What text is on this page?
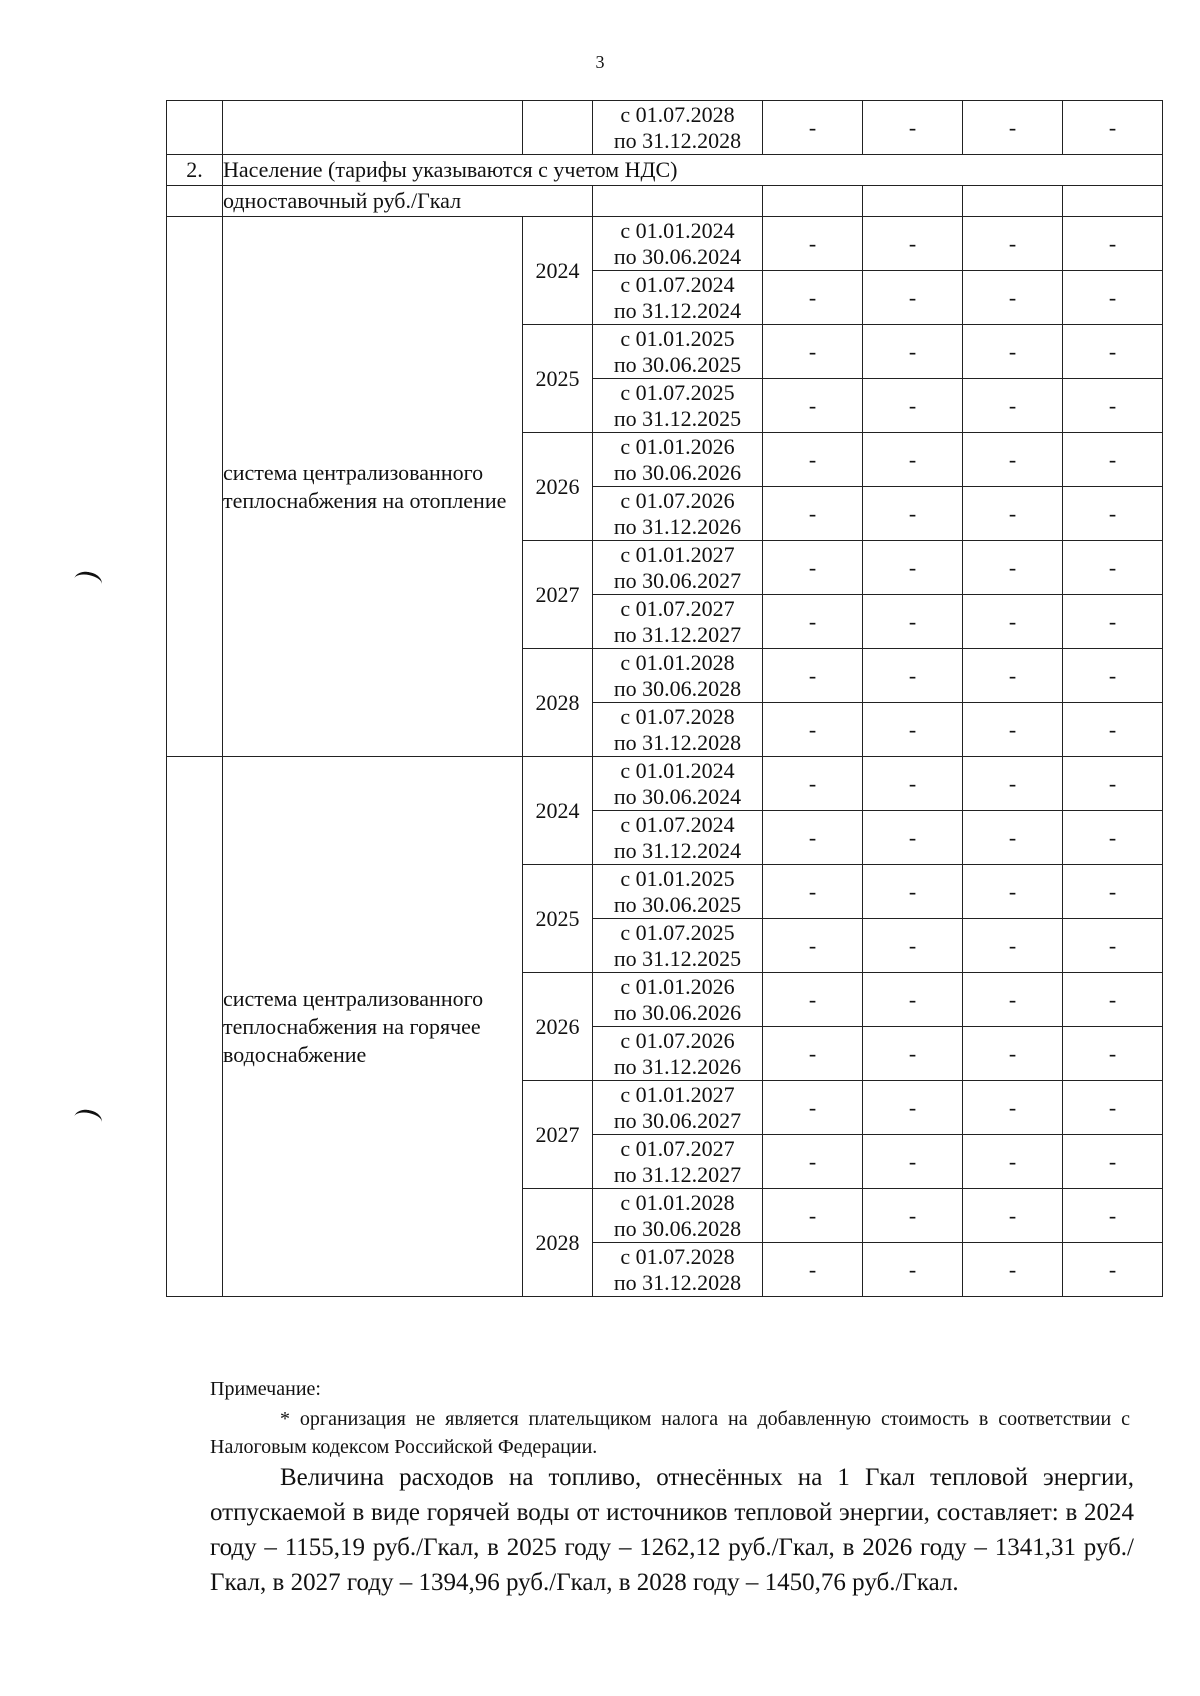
3
			с 01.07.2028
по 31.12.2028	-	-	-	-
2.	Население (тарифы указываются с учетом НДС)						
	одноставочный руб./Гкал						
	система централизованного теплоснабжения на отопление	2024	с 01.01.2024
по 30.06.2024	-	-	-	-
			с 01.07.2024
по 31.12.2024	-	-	-	-
		2025	с 01.01.2025
по 30.06.2025	-	-	-	-
			с 01.07.2025
по 31.12.2025	-	-	-	-
		2026	с 01.01.2026
по 30.06.2026	-	-	-	-
			с 01.07.2026
по 31.12.2026	-	-	-	-
		2027	с 01.01.2027
по 30.06.2027	-	-	-	-
			с 01.07.2027
по 31.12.2027	-	-	-	-
		2028	с 01.01.2028
по 30.06.2028	-	-	-	-
			с 01.07.2028
по 31.12.2028	-	-	-	-
	система централизованного теплоснабжения на горячее водоснабжение	2024	с 01.01.2024
по 30.06.2024	-	-	-	-
			с 01.07.2024
по 31.12.2024	-	-	-	-
		2025	с 01.01.2025
по 30.06.2025	-	-	-	-
			с 01.07.2025
по 31.12.2025	-	-	-	-
		2026	с 01.01.2026
по 30.06.2026	-	-	-	-
			с 01.07.2026
по 31.12.2026	-	-	-	-
		2027	с 01.01.2027
по 30.06.2027	-	-	-	-
			с 01.07.2027
по 31.12.2027	-	-	-	-
		2028	с 01.01.2028
по 30.06.2028	-	-	-	-
			с 01.07.2028
по 31.12.2028	-	-	-	-
Примечание:
* организация не является плательщиком налога на добавленную стоимость в соответствии с Налоговым кодексом Российской Федерации.
Величина расходов на топливо, отнесённых на 1 Гкал тепловой энергии, отпускаемой в виде горячей воды от источников тепловой энергии, составляет: в 2024 году – 1155,19 руб./Гкал, в 2025 году – 1262,12 руб./Гкал, в 2026 году – 1341,31 руб./Гкал, в 2027 году – 1394,96 руб./Гкал, в 2028 году – 1450,76 руб./Гкал.
